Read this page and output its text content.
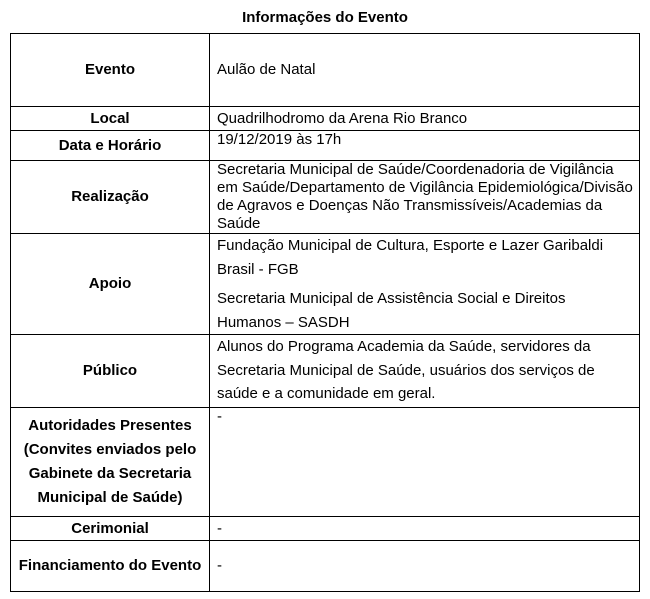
Informações do Evento
Evento	Aulão de Natal
Local	Quadrilhodromo da Arena Rio Branco
Data e Horário	19/12/2019 às 17h
Realização	Secretaria Municipal de Saúde/Coordenadoria de Vigilância em Saúde/Departamento de Vigilância Epidemiológica/Divisão de Agravos e Doenças Não Transmissíveis/Academias da Saúde
Apoio	Fundação Municipal de Cultura, Esporte e Lazer Garibaldi Brasil - FGB
Secretaria Municipal de Assistência Social e Direitos Humanos – SASDH

Público	Alunos do Programa Academia da Saúde, servidores da Secretaria Municipal de Saúde, usuários dos serviços de saúde e a comunidade em geral.
Autoridades Presentes (Convites enviados pelo Gabinete da Secretaria Municipal de Saúde)	-
Cerimonial	-
Financiamento do Evento	-
